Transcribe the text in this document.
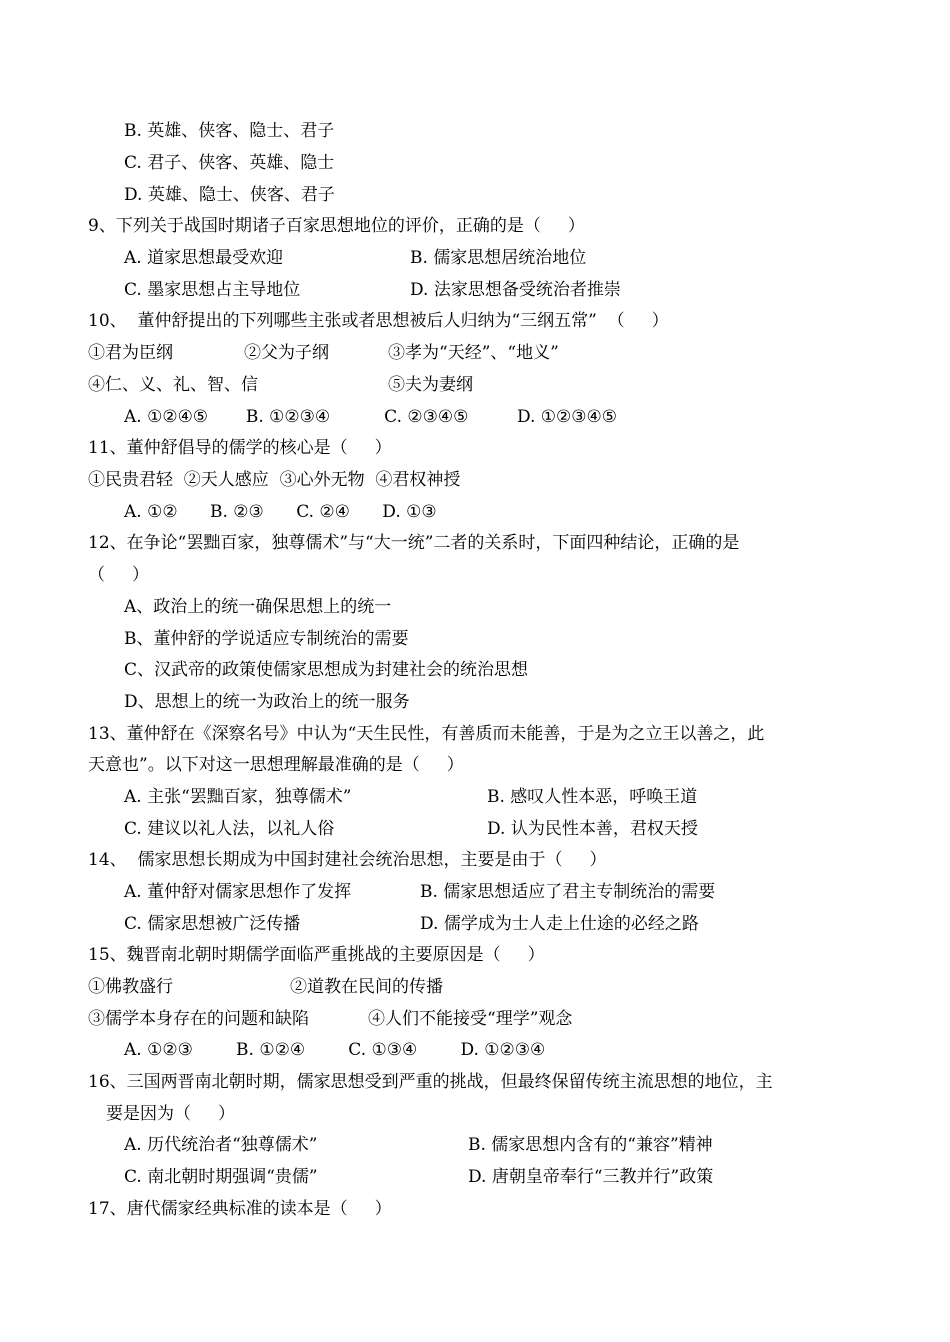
B. 英雄、侠客、隐士、君子
C. 君子、侠客、英雄、隐士
D. 英雄、隐士、侠客、君子
9、下列关于战国时期诸子百家思想地位的评价，正确的是（     ）
A. 道家思想最受欢迎	B. 儒家思想居统治地位
C. 墨家思想占主导地位	D. 法家思想备受统治者推崇
10、  董仲舒提出的下列哪些主张或者思想被后人归纳为“三纲五常”  （     ）
①君为臣纲	②父为子纲	③孝为“天经”、“地义”
④仁、义、礼、智、信	⑤夫为妻纲
A. ①②④⑤       B. ①②③④          C. ②③④⑤         D. ①②③④⑤
11、董仲舒倡导的儒学的核心是（     ）
①民贵君轻  ②天人感应  ③心外无物  ④君权神授
A. ①②      B. ②③      C. ②④      D. ①③
12、在争论“罢黜百家，独尊儒术”与“大一统”二者的关系时，下面四种结论，正确的是
（     ）
A、政治上的统一确保思想上的统一
B、董仲舒的学说适应专制统治的需要
C、汉武帝的政策使儒家思想成为封建社会的统治思想
D、思想上的统一为政治上的统一服务
13、董仲舒在《深察名号》中认为“天生民性，有善质而未能善，于是为之立王以善之，此
天意也”。以下对这一思想理解最准确的是（     ）
A. 主张“罢黜百家，独尊儒术”	B. 感叹人性本恶，呼唤王道
C. 建议以礼人法，以礼人俗	D. 认为民性本善，君权天授
14、  儒家思想长期成为中国封建社会统治思想，主要是由于（     ）
A. 董仲舒对儒家思想作了发挥	B. 儒家思想适应了君主专制统治的需要
C. 儒家思想被广泛传播	D. 儒学成为士人走上仕途的必经之路
15、魏晋南北朝时期儒学面临严重挑战的主要原因是（     ）
①佛教盛行	②道教在民间的传播
③儒学本身存在的问题和缺陷	④人们不能接受“理学”观念
A. ①②③        B. ①②④        C. ①③④        D. ①②③④
16、三国两晋南北朝时期，儒家思想受到严重的挑战，但最终保留传统主流思想的地位，主
要是因为（     ）
A. 历代统治者“独尊儒术”	B. 儒家思想内含有的“兼容”精神
C. 南北朝时期强调“贵儒”	D. 唐朝皇帝奉行“三教并行”政策
17、唐代儒家经典标准的读本是（     ）
